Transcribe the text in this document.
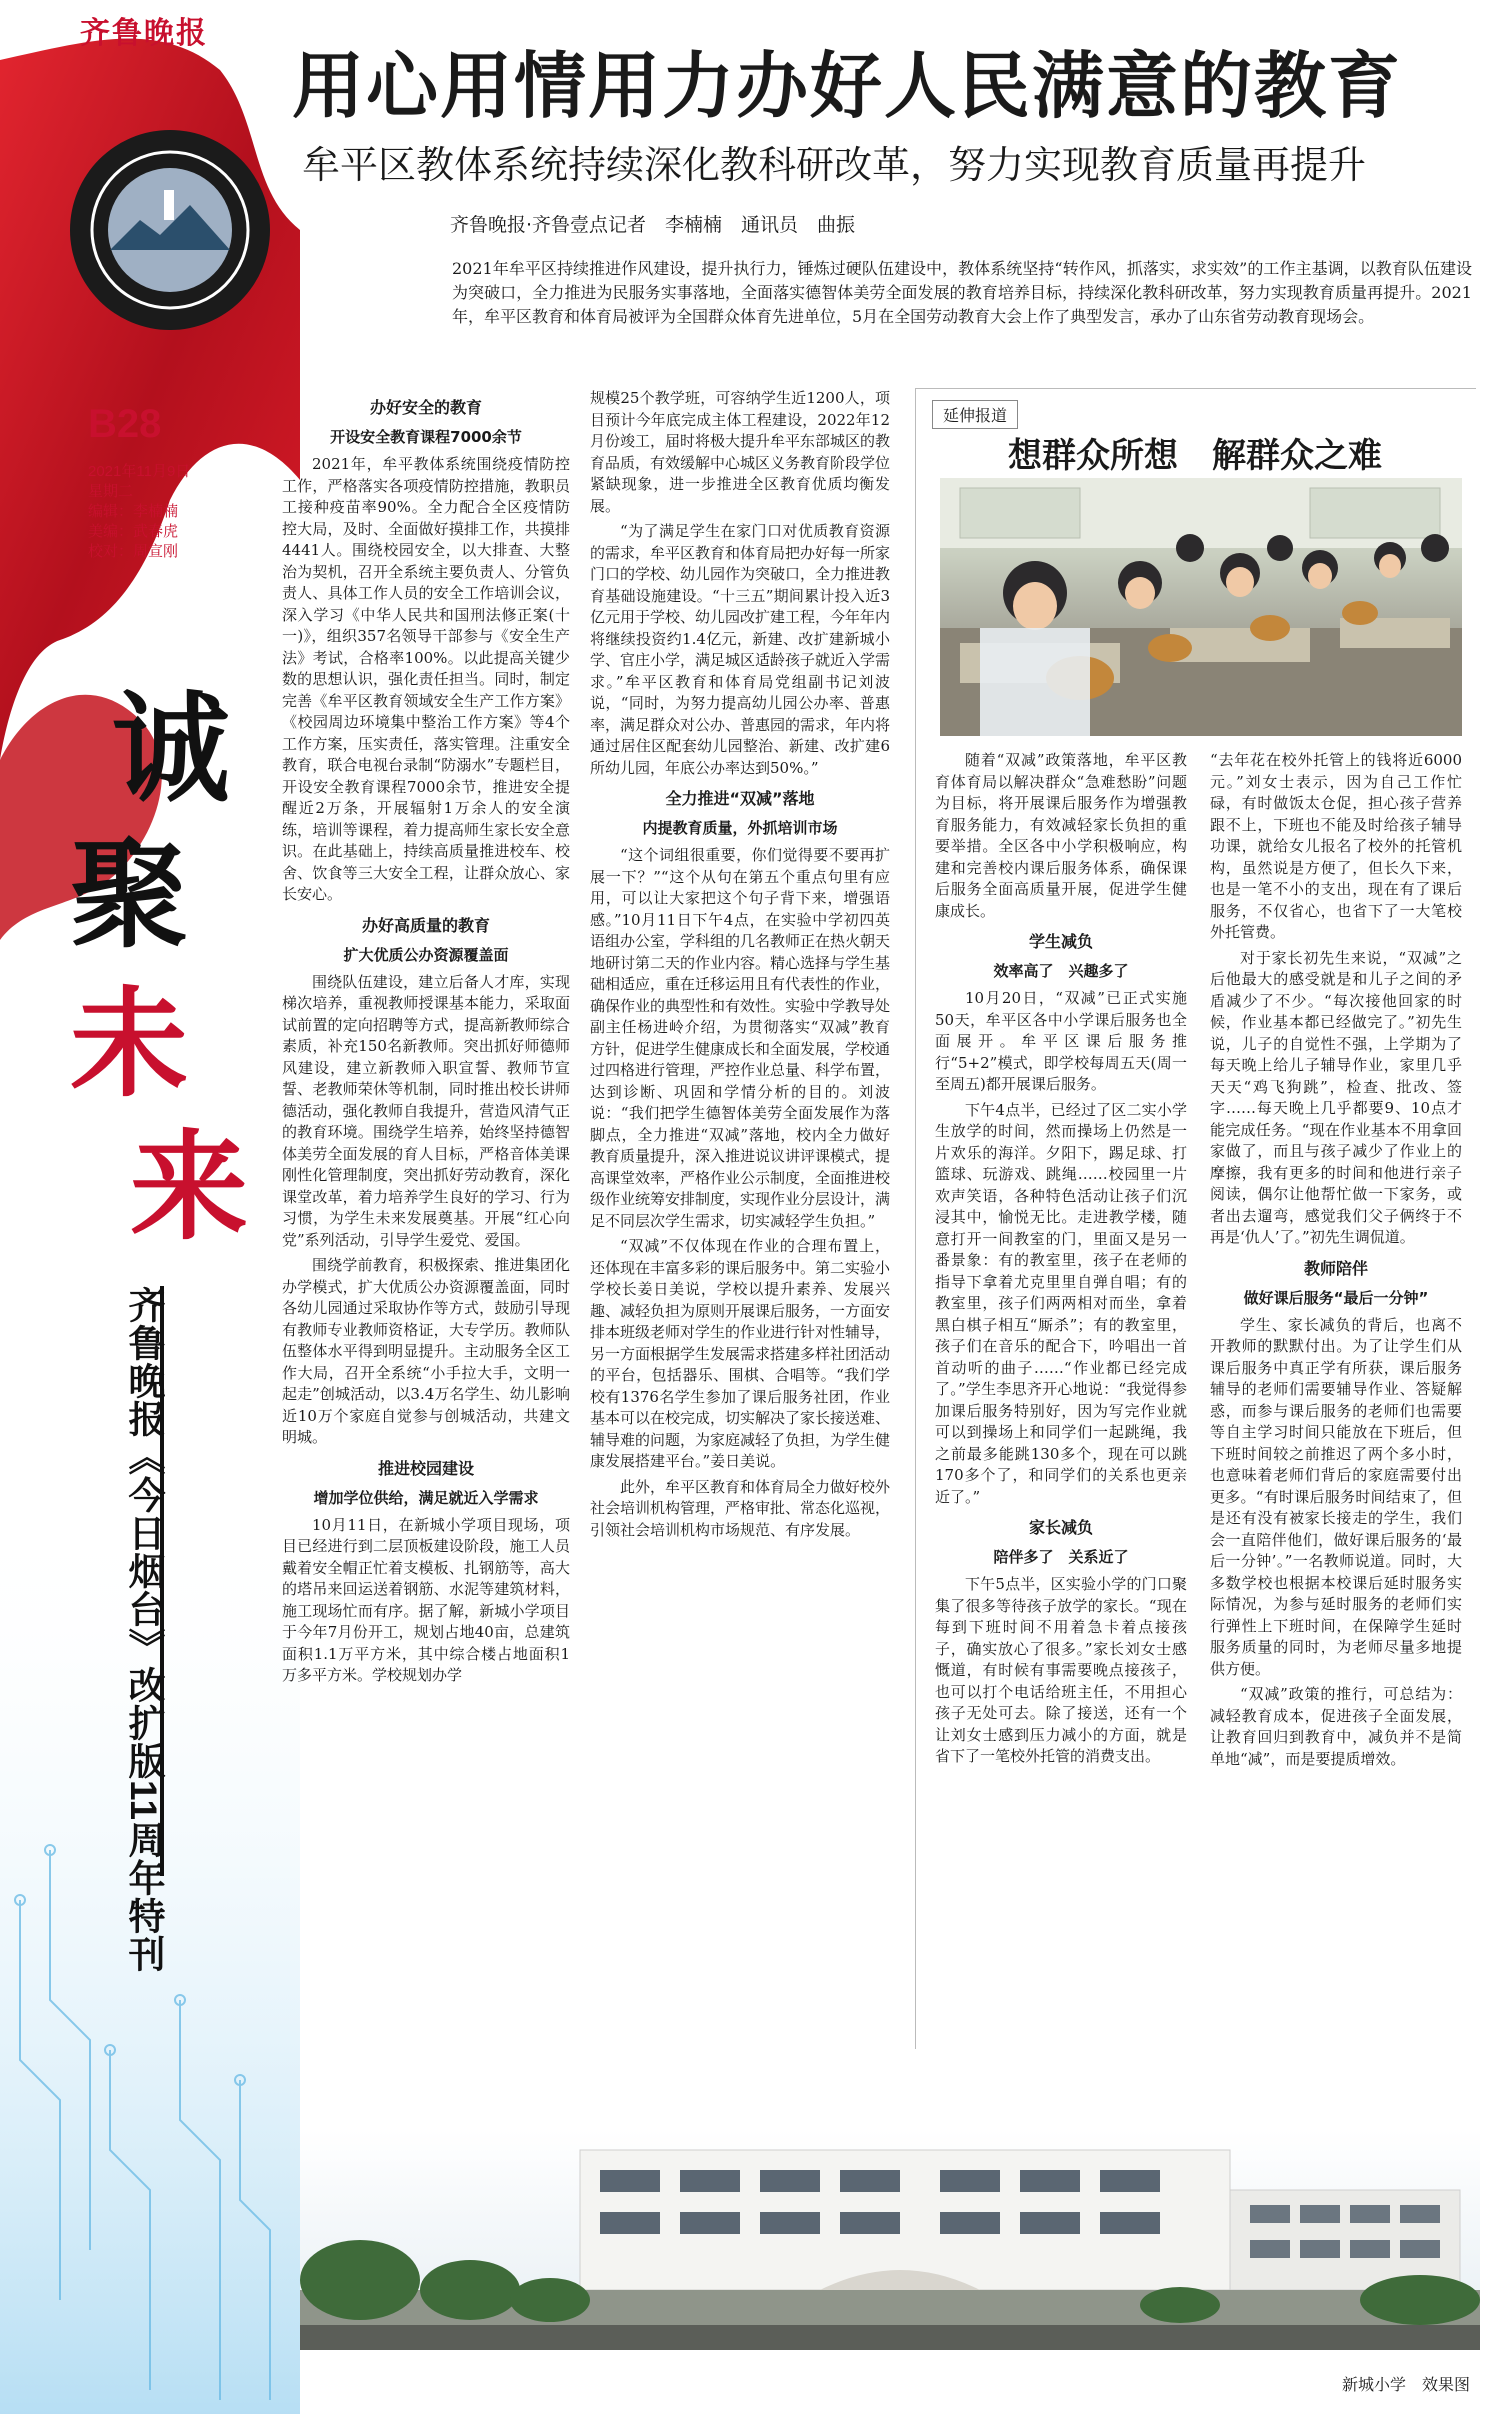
齐鲁晚报
B28
2021年11月9日
星期二
编辑：李楠楠
美编：武春虎
校对：周宣刚
诚
聚
未
来
齐鲁晚报《今日烟台》改扩版11周年特刊
用心用情用力办好人民满意的教育
牟平区教体系统持续深化教科研改革，努力实现教育质量再提升
齐鲁晚报·齐鲁壹点记者　李楠楠　通讯员　曲振
2021年牟平区持续推进作风建设，提升执行力，锤炼过硬队伍建设中，教体系统坚持“转作风，抓落实，求实效”的工作主基调，以教育队伍建设为突破口，全力推进为民服务实事落地，全面落实德智体美劳全面发展的教育培养目标，持续深化教科研改革，努力实现教育质量再提升。2021年，牟平区教育和体育局被评为全国群众体育先进单位，5月在全国劳动教育大会上作了典型发言，承办了山东省劳动教育现场会。
办好安全的教育
开设安全教育课程7000余节

2021年，牟平教体系统围绕疫情防控工作，严格落实各项疫情防控措施，教职员工接种疫苗率90%。全力配合全区疫情防控大局，及时、全面做好摸排工作，共摸排4441人。围绕校园安全，以大排查、大整治为契机，召开全系统主要负责人、分管负责人、具体工作人员的安全工作培训会议，深入学习《中华人民共和国刑法修正案(十一)》，组织357名领导干部参与《安全生产法》考试，合格率100%。以此提高关键少数的思想认识，强化责任担当。同时，制定完善《牟平区教育领域安全生产工作方案》《校园周边环境集中整治工作方案》等4个工作方案，压实责任，落实管理。注重安全教育，联合电视台录制“防溺水”专题栏目，开设安全教育课程7000余节，推进安全提醒近2万条，开展辐射1万余人的安全演练，培训等课程，着力提高师生家长安全意识。在此基础上，持续高质量推进校车、校舍、饮食等三大安全工程，让群众放心、家长安心。

办好高质量的教育
扩大优质公办资源覆盖面

围绕队伍建设，建立后备人才库，实现梯次培养，重视教师授课基本能力，采取面试前置的定向招聘等方式，提高新教师综合素质，补充150名新教师。突出抓好师德师风建设，建立新教师入职宣誓、教师节宣誓、老教师荣休等机制，同时推出校长讲师德活动，强化教师自我提升，营造风清气正的教育环境。围绕学生培养，始终坚持德智体美劳全面发展的育人目标，严格音体美课刚性化管理制度，突出抓好劳动教育，深化课堂改革，着力培养学生良好的学习、行为习惯，为学生未来发展奠基。开展“红心向党”系列活动，引导学生爱党、爱国。

围绕学前教育，积极探索、推进集团化办学模式，扩大优质公办资源覆盖面，同时各幼儿园通过采取协作等方式，鼓励引导现有教师专业教师资格证，大专学历。教师队伍整体水平得到明显提升。主动服务全区工作大局，召开全系统“小手拉大手，文明一起走”创城活动，以3.4万名学生、幼儿影响近10万个家庭自觉参与创城活动，共建文明城。

推进校园建设
增加学位供给，满足就近入学需求

10月11日，在新城小学项目现场，项目已经进行到二层顶板建设阶段，施工人员戴着安全帽正忙着支模板、扎钢筋等，高大的塔吊来回运送着钢筋、水泥等建筑材料，施工现场忙而有序。据了解，新城小学项目于今年7月份开工，规划占地40亩，总建筑面积1.1万平方米，其中综合楼占地面积1万多平方米。学校规划办学

规模25个教学班，可容纳学生近1200人，项目预计今年底完成主体工程建设，2022年12月份竣工，届时将极大提升牟平东部城区的教育品质，有效缓解中心城区义务教育阶段学位紧缺现象，进一步推进全区教育优质均衡发展。

“为了满足学生在家门口对优质教育资源的需求，牟平区教育和体育局把办好每一所家门口的学校、幼儿园作为突破口，全力推进教育基础设施建设。“十三五”期间累计投入近3亿元用于学校、幼儿园改扩建工程，今年年内将继续投资约1.4亿元，新建、改扩建新城小学、官庄小学，满足城区适龄孩子就近入学需求。”牟平区教育和体育局党组副书记刘波说，“同时，为努力提高幼儿园公办率、普惠率，满足群众对公办、普惠园的需求，年内将通过居住区配套幼儿园整治、新建、改扩建6所幼儿园，年底公办率达到50%。”

全力推进“双减”落地
内提教育质量，外抓培训市场

“这个词组很重要，你们觉得要不要再扩展一下？”“这个从句在第五个重点句里有应用，可以让大家把这个句子背下来，增强语感。”10月11日下午4点，在实验中学初四英语组办公室，学科组的几名教师正在热火朝天地研讨第二天的作业内容。精心选择与学生基础相适应，重在迁移运用且有代表性的作业，确保作业的典型性和有效性。实验中学教导处副主任杨进岭介绍，为贯彻落实“双减”教育方针，促进学生健康成长和全面发展，学校通过四格进行管理，严控作业总量、科学布置，达到诊断、巩固和学情分析的目的。刘波说：“我们把学生德智体美劳全面发展作为落脚点，全力推进“双减”落地，校内全力做好教育质量提升，深入推进说议讲评课模式，提高课堂效率，严格作业公示制度，全面推进校级作业统筹安排制度，实现作业分层设计，满足不同层次学生需求，切实减轻学生负担。”

“双减”不仅体现在作业的合理布置上，还体现在丰富多彩的课后服务中。第二实验小学校长姜日美说，学校以提升素养、发展兴趣、减轻负担为原则开展课后服务，一方面安排本班级老师对学生的作业进行针对性辅导，另一方面根据学生发展需求搭建多样社团活动的平台，包括器乐、围棋、合唱等。“我们学校有1376名学生参加了课后服务社团，作业基本可以在校完成，切实解决了家长接送难、辅导难的问题，为家庭减轻了负担，为学生健康发展搭建平台。”姜日美说。

此外，牟平区教育和体育局全力做好校外社会培训机构管理，严格审批、常态化巡视，引领社会培训机构市场规范、有序发展。

延伸报道
想群众所想　解群众之难

随着“双减”政策落地，牟平区教育体育局以解决群众“急难愁盼”问题为目标，将开展课后服务作为增强教育服务能力，有效减轻家长负担的重要举措。全区各中小学积极响应，构建和完善校内课后服务体系，确保课后服务全面高质量开展，促进学生健康成长。

学生减负
效率高了　兴趣多了

10月20日，“双减”已正式实施50天，牟平区各中小学课后服务也全面展开。牟平区课后服务推行“5+2”模式，即学校每周五天(周一至周五)都开展课后服务。

下午4点半，已经过了区二实小学生放学的时间，然而操场上仍然是一片欢乐的海洋。夕阳下，踢足球、打篮球、玩游戏、跳绳……校园里一片欢声笑语，各种特色活动让孩子们沉浸其中，愉悦无比。走进教学楼，随意打开一间教室的门，里面又是另一番景象：有的教室里，孩子在老师的指导下拿着尤克里里自弹自唱；有的教室里，孩子们两两相对而坐，拿着黑白棋子相互“厮杀”；有的教室里，孩子们在音乐的配合下，吟唱出一首首动听的曲子……“作业都已经完成了。”学生李思齐开心地说：“我觉得参加课后服务特别好，因为写完作业就可以到操场上和同学们一起跳绳，我之前最多能跳130多个，现在可以跳170多个了，和同学们的关系也更亲近了。”

家长减负
陪伴多了　关系近了

下午5点半，区实验小学的门口聚集了很多等待孩子放学的家长。“现在每到下班时间不用着急卡着点接孩子，确实放心了很多。”家长刘女士感慨道，有时候有事需要晚点接孩子，也可以打个电话给班主任，不用担心孩子无处可去。除了接送，还有一个让刘女士感到压力减小的方面，就是省下了一笔校外托管的消费支出。

“去年花在校外托管上的钱将近6000元。”刘女士表示，因为自己工作忙碌，有时做饭太仓促，担心孩子营养跟不上，下班也不能及时给孩子辅导功课，就给女儿报名了校外的托管机构，虽然说是方便了，但长久下来，也是一笔不小的支出，现在有了课后服务，不仅省心，也省下了一大笔校外托管费。

对于家长初先生来说，“双减”之后他最大的感受就是和儿子之间的矛盾减少了不少。“每次接他回家的时候，作业基本都已经做完了。”初先生说，儿子的自觉性不强，上学期为了每天晚上给儿子辅导作业，家里几乎天天“鸡飞狗跳”，检查、批改、签字……每天晚上几乎都要9、10点才能完成任务。“现在作业基本不用拿回家做了，而且与孩子减少了作业上的摩擦，我有更多的时间和他进行亲子阅读，偶尔让他帮忙做一下家务，或者出去遛弯，感觉我们父子俩终于不再是‘仇人’了。”初先生调侃道。

教师陪伴
做好课后服务“最后一分钟”

学生、家长减负的背后，也离不开教师的默默付出。为了让学生们从课后服务中真正学有所获，课后服务辅导的老师们需要辅导作业、答疑解惑，而参与课后服务的老师们也需要等自主学习时间只能放在下班后，但下班时间较之前推迟了两个多小时，也意味着老师们背后的家庭需要付出更多。“有时课后服务时间结束了，但是还有没有被家长接走的学生，我们会一直陪伴他们，做好课后服务的‘最后一分钟’。”一名教师说道。同时，大多数学校也根据本校课后延时服务实际情况，为参与延时服务的老师们实行弹性上下班时间，在保障学生延时服务质量的同时，为老师尽量多地提供方便。

“双减”政策的推行，可总结为：减轻教育成本，促进孩子全面发展，让教育回归到教育中，减负并不是简单地“减”，而是要提质增效。

新城小学　效果图
